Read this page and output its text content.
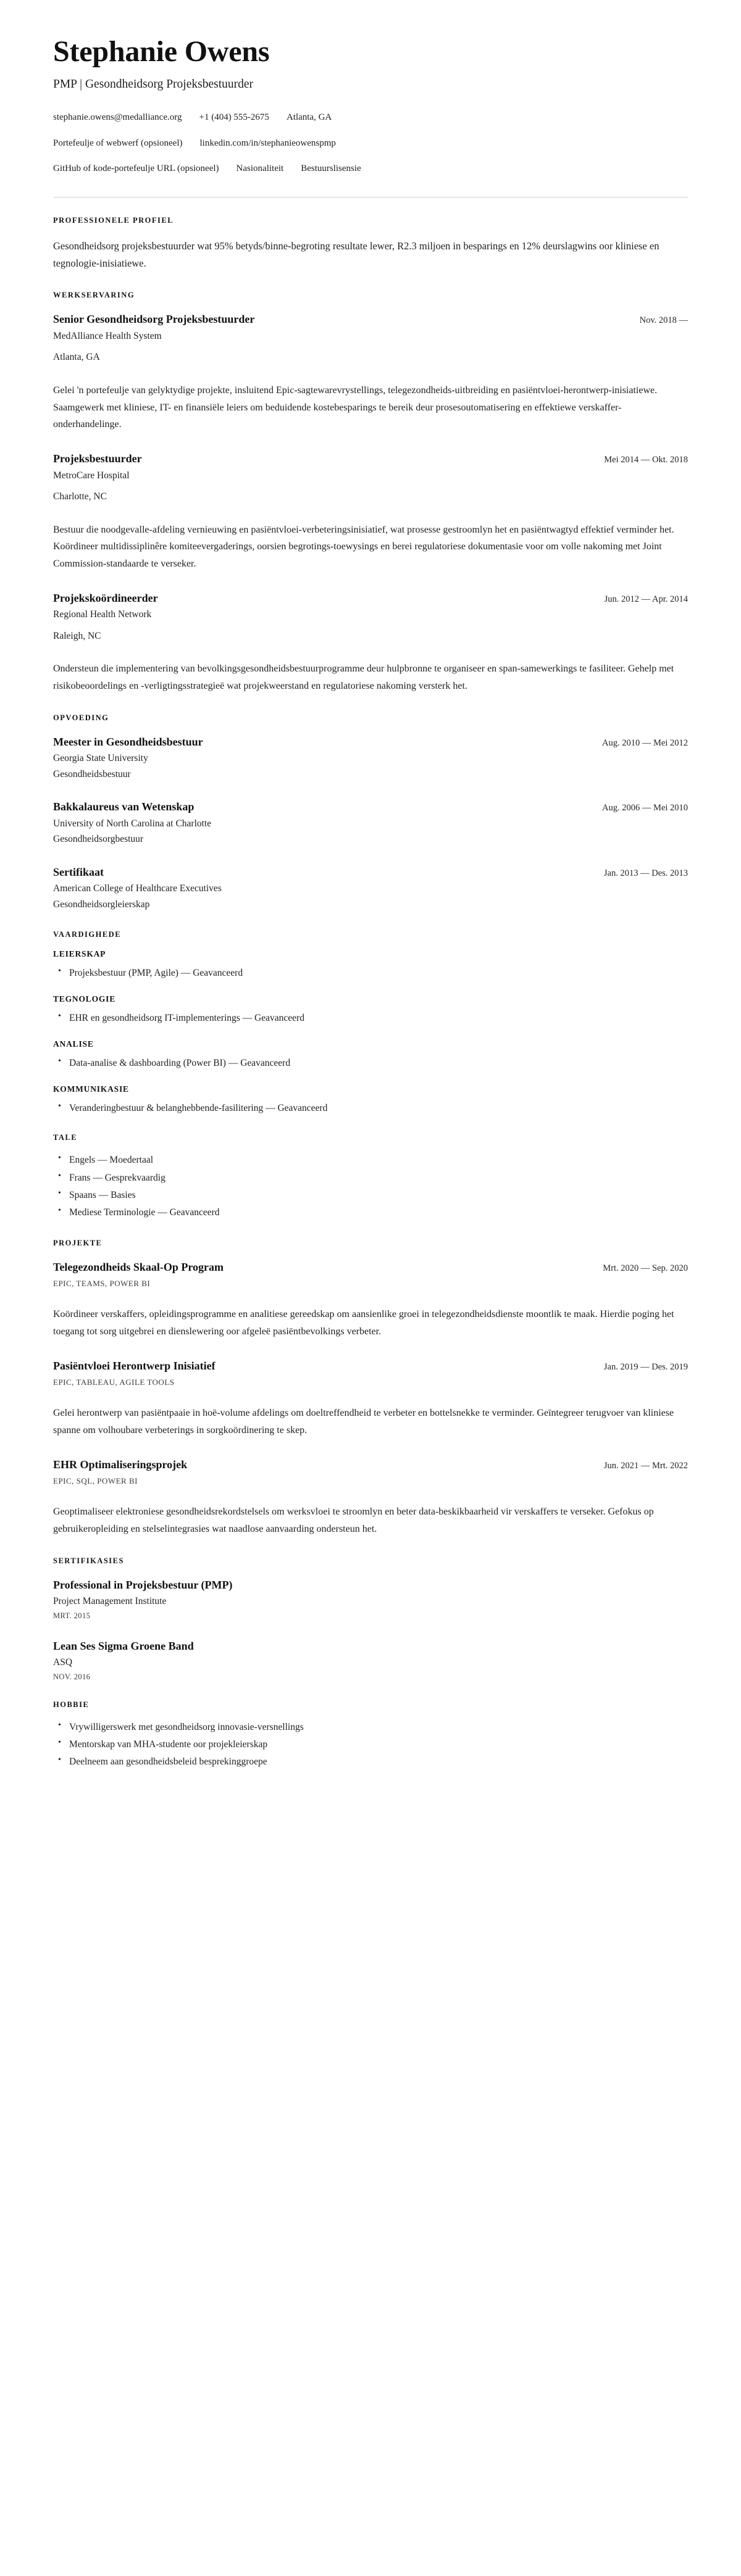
Stephanie Owens

PMP | Gesondheidsorg Projeksbestuurder

stephanie.owens@medalliance.org +1 (404) 555-2675 Atlanta, GA
Portefeulje of webwerf (opsioneel) linkedin.com/in/stephanieowenspmp
GitHub of kode-portefeulje URL (opsioneel) Nasionaliteit Bestuurslisensie
PROFESSIONELE PROFIEL

Gesondheidsorg projeksbestuurder wat 95% betyds/binne-begroting resultate lewer, R2.3 miljoen in besparings en 12% deurslagwins oor kliniese en tegnologie-inisiatiewe.

WERKSERVARING
Senior Gesondheidsorg Projeksbestuurder	Nov. 2018 —

MedAlliance Health System

Atlanta, GA

Gelei 'n portefeulje van gelyktydige projekte, insluitend Epic-sagtewarevrystellings, telegezondheids-uitbreiding en pasiëntvloei-herontwerp-inisiatiewe. Saamgewerk met kliniese, IT- en finansiële leiers om beduidende kostebesparings te bereik deur prosesoutomatisering en effektiewe verskaffer-onderhandelinge.

Projeksbestuurder	Mei 2014 — Okt. 2018

MetroCare Hospital

Charlotte, NC

Bestuur die noodgevalle-afdeling vernieuwing en pasiëntvloei-verbeteringsinisiatief, wat prosesse gestroomlyn het en pasiëntwagtyd effektief verminder het. Koördineer multidissiplinêre komiteevergaderings, oorsien begrotings-toewysings en berei regulatoriese dokumentasie voor om volle nakoming met Joint Commission-standaarde te verseker.

Projekskoördineerder	Jun. 2012 — Apr. 2014

Regional Health Network

Raleigh, NC

Ondersteun die implementering van bevolkingsgesondheidsbestuurprogramme deur hulpbronne te organiseer en span-samewerkings te fasiliteer. Gehelp met risikobeoordelings en -verligtingsstrategieë wat projekweerstand en regulatoriese nakoming versterk het.

OPVOEDING
Meester in Gesondheidsbestuur	Aug. 2010 — Mei 2012

Georgia State University

Gesondheidsbestuur

Bakkalaureus van Wetenskap	Aug. 2006 — Mei 2010

University of North Carolina at Charlotte

Gesondheidsorgbestuur

Sertifikaat	Jan. 2013 — Des. 2013

American College of Healthcare Executives

Gesondheidsorgleierskap

VAARDIGHEDE
LEIERSKAP
• Projeksbestuur (PMP, Agile) — Geavanceerd
TEGNOLOGIE
• EHR en gesondheidsorg IT-implementerings — Geavanceerd
ANALISE
• Data-analise & dashboarding (Power BI) — Geavanceerd
KOMMUNIKASIE
• Veranderingbestuur & belanghebbende-fasilitering — Geavanceerd
TALE
• Engels — Moedertaal
• Frans — Gesprekvaardig
• Spaans — Basies
• Mediese Terminologie — Geavanceerd
PROJEKTE
Telegezondheids Skaal-Op Program	Mrt. 2020 — Sep. 2020

EPIC, TEAMS, POWER BI

Koördineer verskaffers, opleidingsprogramme en analitiese gereedskap om aansienlike groei in telegezondheidsdienste moontlik te maak. Hierdie poging het toegang tot sorg uitgebrei en dienslewering oor afgeleë pasiëntbevolkings verbeter.

Pasiëntvloei Herontwerp Inisiatief	Jan. 2019 — Des. 2019

EPIC, TABLEAU, AGILE TOOLS

Gelei herontwerp van pasiëntpaaie in hoë-volume afdelings om doeltreffendheid te verbeter en bottelsnekke te verminder. Geïntegreer terugvoer van kliniese spanne om volhoubare verbeterings in sorgkoördinering te skep.

EHR Optimaliseringsprojek	Jun. 2021 — Mrt. 2022

EPIC, SQL, POWER BI

Geoptimaliseer elektroniese gesondheidsrekordstelsels om werksvloei te stroomlyn en beter data-beskikbaarheid vir verskaffers te verseker. Gefokus op gebruikeropleiding en stelselintegrasies wat naadlose aanvaarding ondersteun het.

SERTIFIKASIES
Professional in Projeksbestuur (PMP)

Project Management Institute

MRT. 2015

Lean Ses Sigma Groene Band

ASQ

NOV. 2016

HOBBIE
• Vrywilligerswerk met gesondheidsorg innovasie-versnellings
• Mentorskap van MHA-studente oor projekleierskap
• Deelneem aan gesondheidsbeleid besprekinggroepe
